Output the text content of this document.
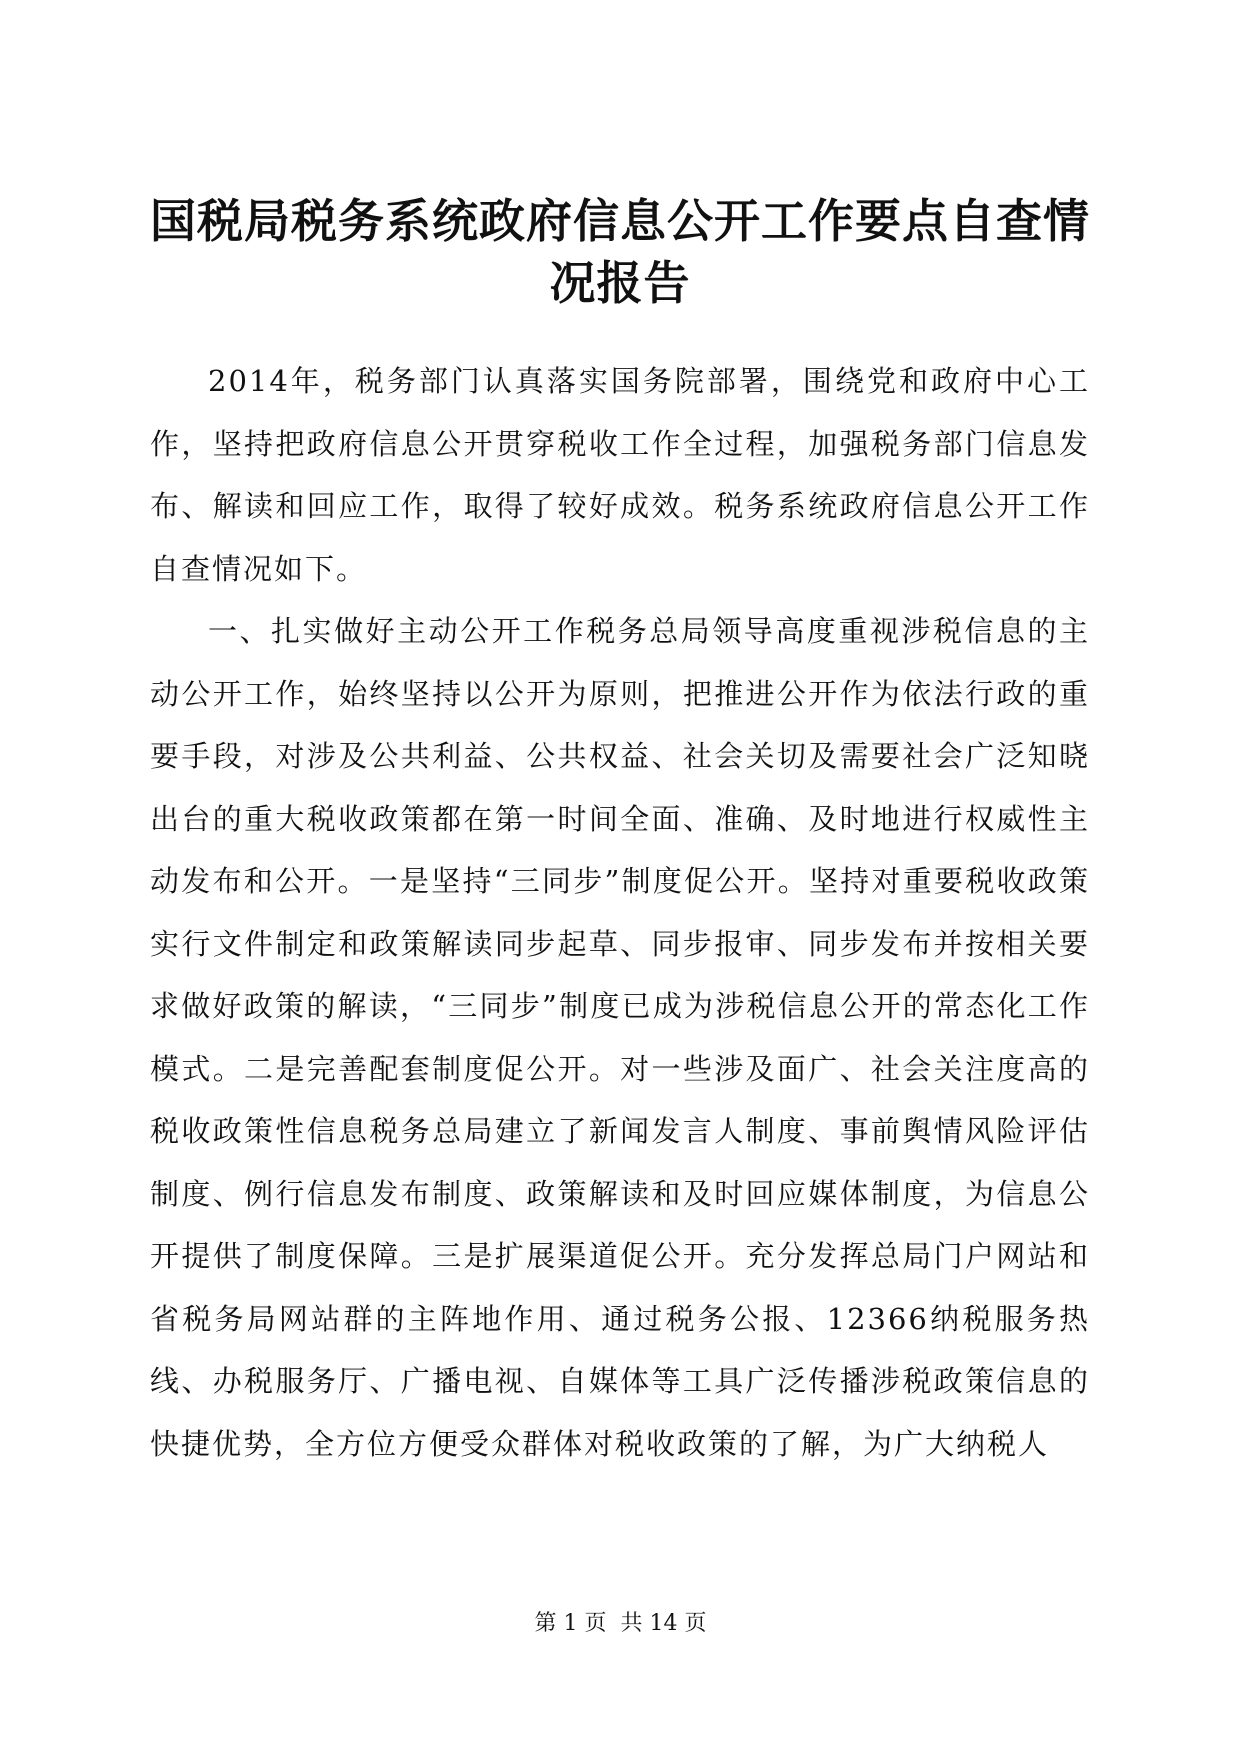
国税局税务系统政府信息公开工作要点自查情况报告

2014年，税务部门认真落实国务院部署，围绕党和政府中心工作，坚持把政府信息公开贯穿税收工作全过程，加强税务部门信息发布、解读和回应工作，取得了较好成效。税务系统政府信息公开工作自查情况如下。

一、扎实做好主动公开工作税务总局领导高度重视涉税信息的主动公开工作，始终坚持以公开为原则，把推进公开作为依法行政的重要手段，对涉及公共利益、公共权益、社会关切及需要社会广泛知晓出台的重大税收政策都在第一时间全面、准确、及时地进行权威性主动发布和公开。一是坚持“三同步”制度促公开。坚持对重要税收政策实行文件制定和政策解读同步起草、同步报审、同步发布并按相关要求做好政策的解读，“三同步”制度已成为涉税信息公开的常态化工作模式。二是完善配套制度促公开。对一些涉及面广、社会关注度高的税收政策性信息税务总局建立了新闻发言人制度、事前舆情风险评估制度、例行信息发布制度、政策解读和及时回应媒体制度，为信息公开提供了制度保障。三是扩展渠道促公开。充分发挥总局门户网站和省税务局网站群的主阵地作用、通过税务公报、12366纳税服务热线、办税服务厅、广播电视、自媒体等工具广泛传播涉税政策信息的快捷优势，全方位方便受众群体对税收政策的了解，为广大纳税人

第 1 页  共 14 页
